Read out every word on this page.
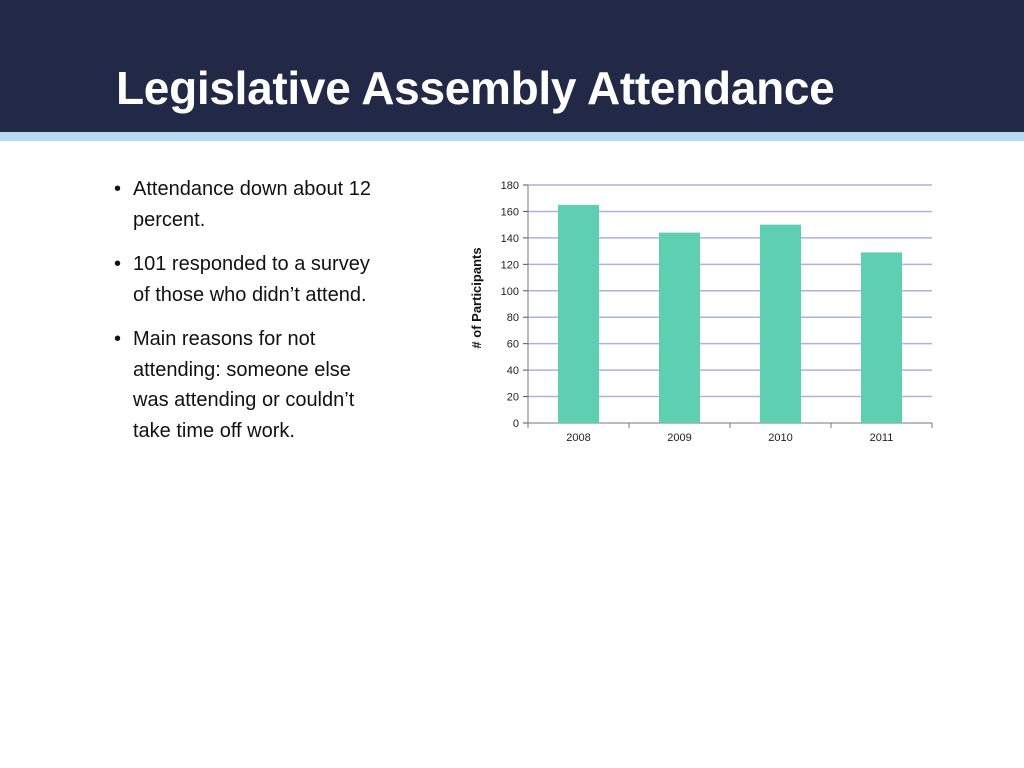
Legislative Assembly Attendance
• Attendance down about 12 percent.
• 101 responded to a survey of those who didn’t attend.
• Main reasons for not attending: someone else was attending or couldn’t take time off work.	0
20
40
60
80
100
120
140
160
180
2008	2009	2010	2011
# of Participants
